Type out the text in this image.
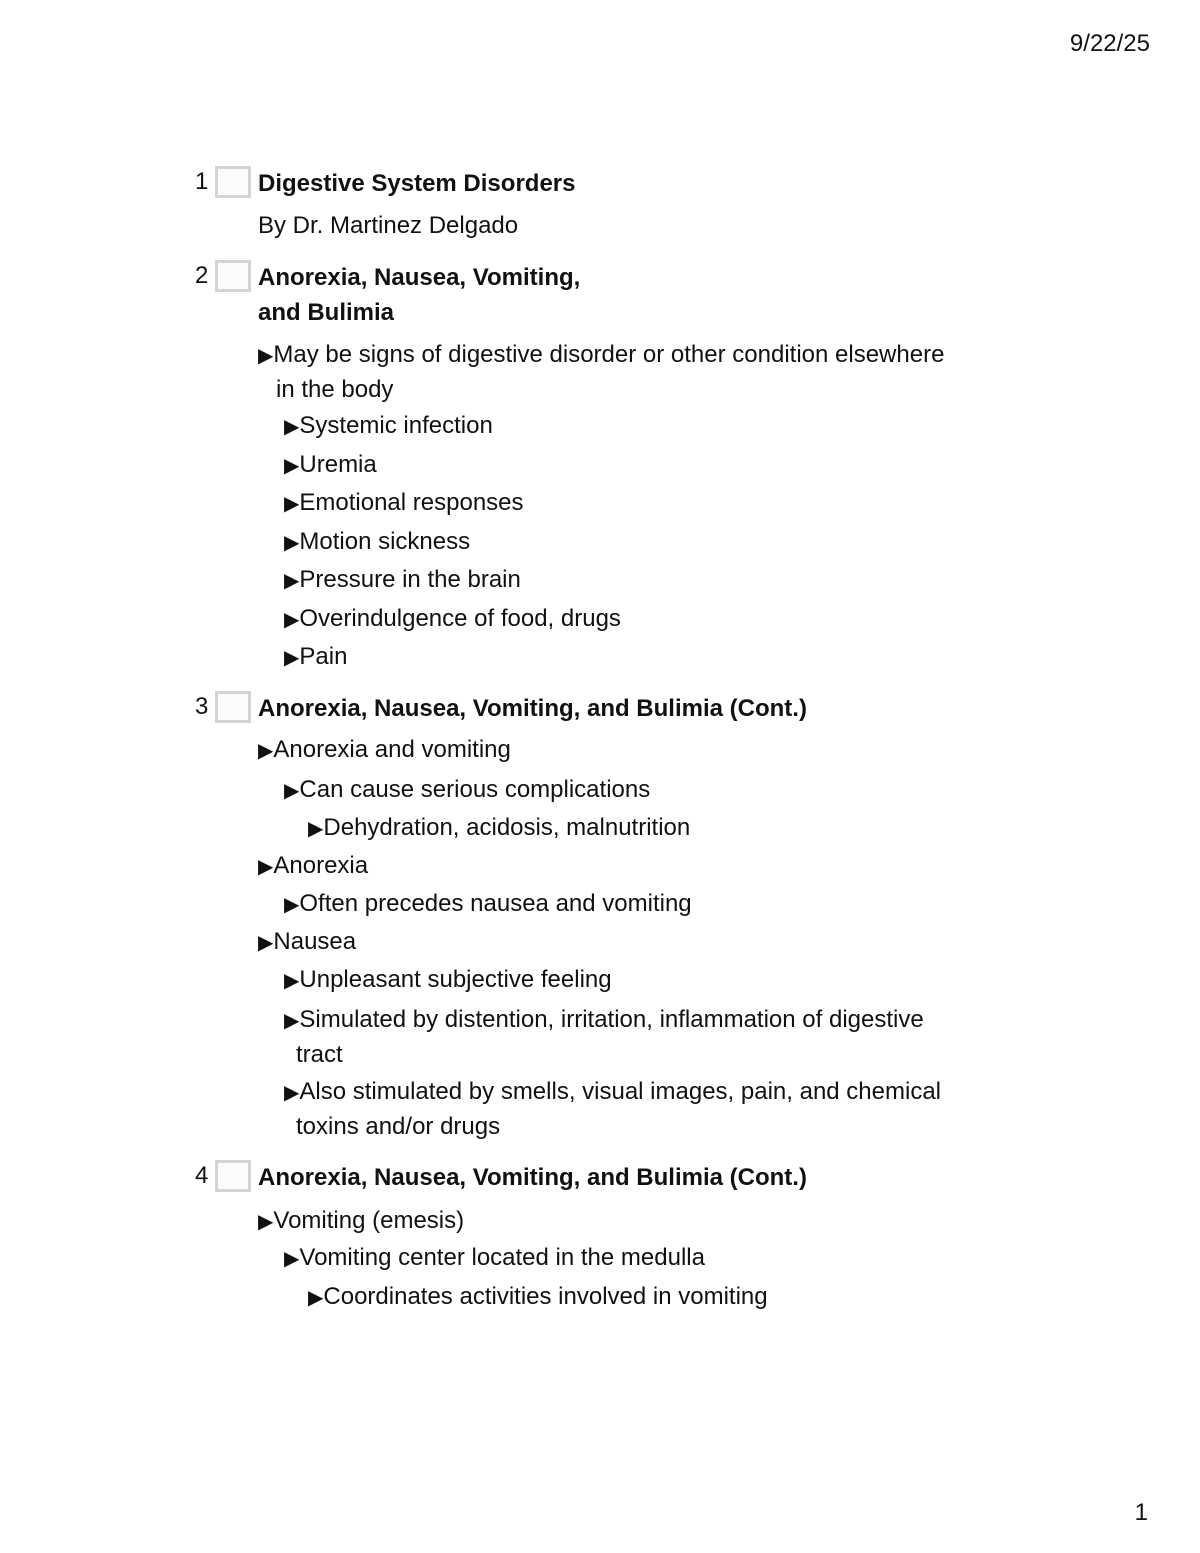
9/22/25
1 Digestive System Disorders
By Dr. Martinez Delgado
2 Anorexia, Nausea, Vomiting,
and Bulimia
▶May be signs of digestive disorder or other condition elsewhere
in the body
▶Systemic infection
▶Uremia
▶Emotional responses
▶Motion sickness
▶Pressure in the brain
▶Overindulgence of food, drugs
▶Pain
3 Anorexia, Nausea, Vomiting, and Bulimia (Cont.)
▶Anorexia and vomiting
▶Can cause serious complications
▶Dehydration, acidosis, malnutrition
▶Anorexia
▶Often precedes nausea and vomiting
▶Nausea
▶Unpleasant subjective feeling
▶Simulated by distention, irritation, inflammation of digestive
tract
▶Also stimulated by smells, visual images, pain, and chemical
toxins and/or drugs
4 Anorexia, Nausea, Vomiting, and Bulimia (Cont.)
▶Vomiting (emesis)
▶Vomiting center located in the medulla
▶Coordinates activities involved in vomiting
1
